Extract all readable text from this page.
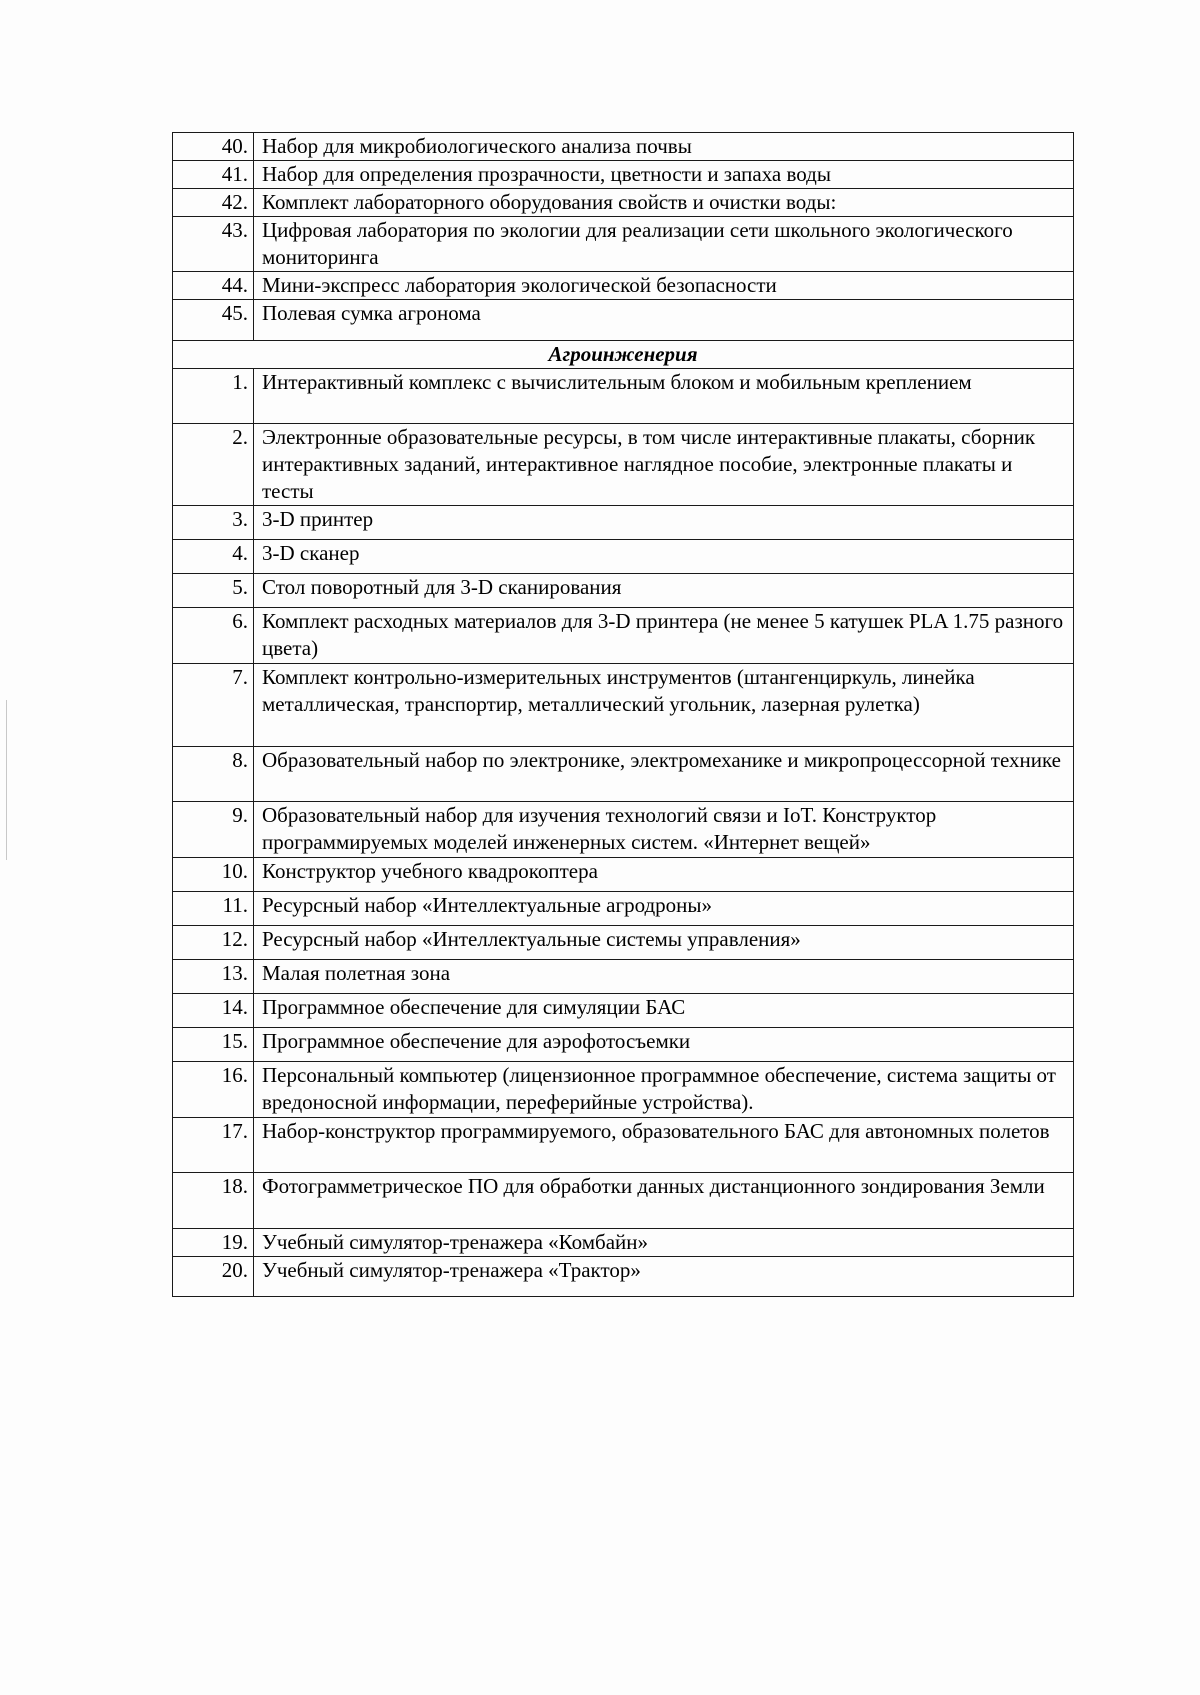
40.	Набор для микробиологического анализа почвы
41.	Набор для определения прозрачности, цветности и запаха воды
42.	Комплект лабораторного оборудования свойств и очистки воды:
43.	Цифровая лаборатория по экологии для реализации сети школьного экологического мониторинга
44.	Мини-экспресс лаборатория экологической безопасности
45.	Полевая сумка агронома
Агроинженерия	
1.	Интерактивный комплекс с вычислительным блоком и мобильным креплением
2.	Электронные образовательные ресурсы, в том числе интерактивные плакаты, сборник интерактивных заданий, интерактивное наглядное пособие, электронные плакаты и тесты
3.	3-D принтер
4.	3-D сканер
5.	Стол поворотный для 3-D сканирования
6.	Комплект расходных материалов для 3-D принтера (не менее 5 катушек PLA 1.75 разного цвета)
7.	Комплект контрольно-измерительных инструментов (штангенциркуль, линейка металлическая, транспортир, металлический угольник, лазерная рулетка)
8.	Образовательный набор по электронике, электромеханике и микропроцессорной технике
9.	Образовательный набор для изучения технологий связи и IoT. Конструктор программируемых моделей инженерных систем. «Интернет вещей»
10.	Конструктор учебного квадрокоптера
11.	Ресурсный набор «Интеллектуальные агродроны»
12.	Ресурсный набор «Интеллектуальные системы управления»
13.	Малая полетная зона
14.	Программное обеспечение для симуляции БАС
15.	Программное обеспечение для аэрофотосъемки
16.	Персональный компьютер (лицензионное программное обеспечение, система защиты от вредоносной информации, переферийные устройства).
17.	Набор-конструктор программируемого, образовательного БАС для автономных полетов
18.	Фотограмметрическое ПО для обработки данных дистанционного зондирования Земли
19.	Учебный симулятор-тренажера «Комбайн»
20.	Учебный симулятор-тренажера «Трактор»
